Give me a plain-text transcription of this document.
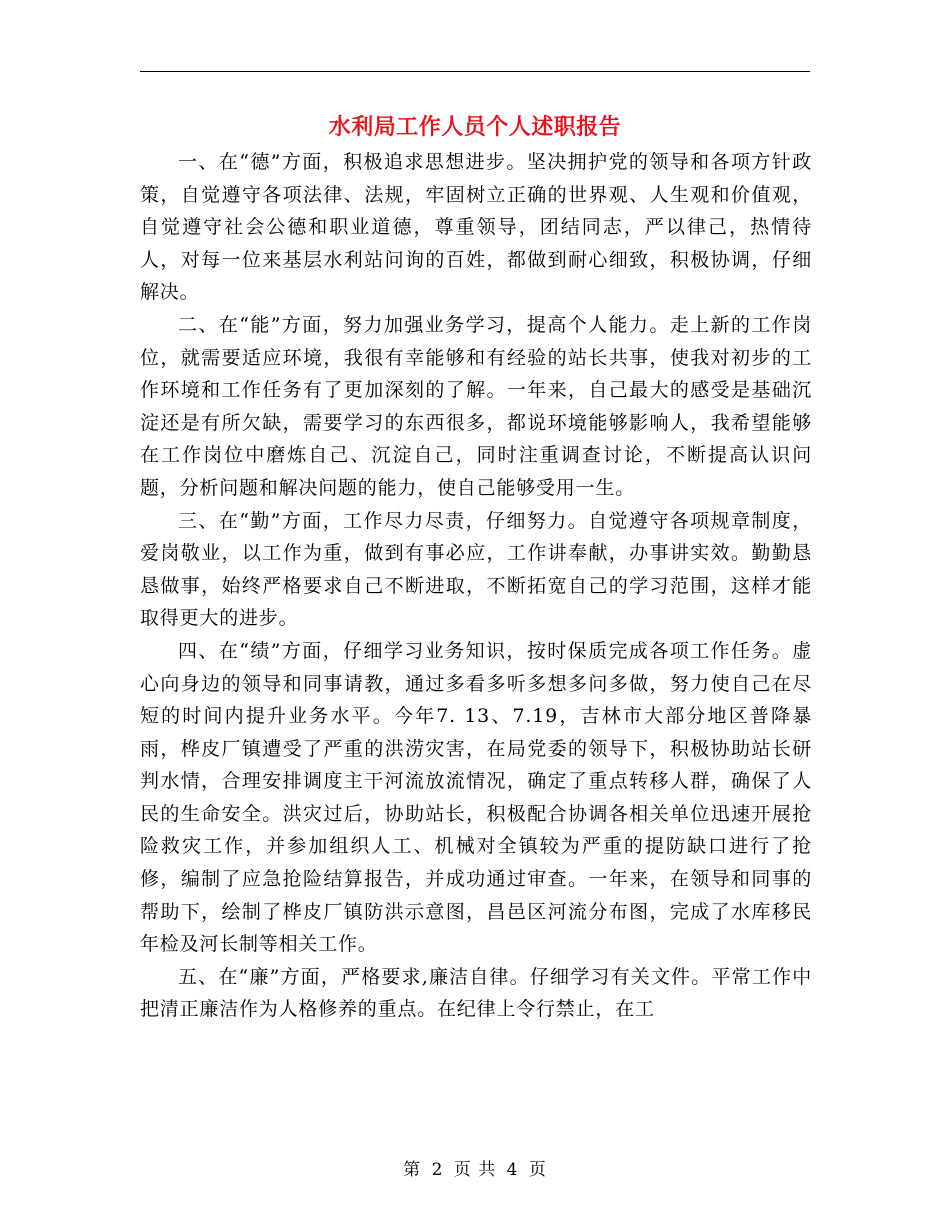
水利局工作人员个人述职报告

一、在“德”方面，积极追求思想进步。坚决拥护党的领导和各项方针政策，自觉遵守各项法律、法规，牢固树立正确的世界观、人生观和价值观，自觉遵守社会公德和职业道德，尊重领导，团结同志，严以律己，热情待人，对每一位来基层水利站问询的百姓，都做到耐心细致，积极协调，仔细解决。

二、在“能”方面，努力加强业务学习，提高个人能力。走上新的工作岗位，就需要适应环境，我很有幸能够和有经验的站长共事，使我对初步的工作环境和工作任务有了更加深刻的了解。一年来，自己最大的感受是基础沉淀还是有所欠缺，需要学习的东西很多，都说环境能够影响人，我希望能够在工作岗位中磨炼自己、沉淀自己，同时注重调查讨论，不断提高认识问题，分析问题和解决问题的能力，使自己能够受用一生。

三、在“勤”方面，工作尽力尽责，仔细努力。自觉遵守各项规章制度，爱岗敬业，以工作为重，做到有事必应，工作讲奉献，办事讲实效。勤勤恳恳做事，始终严格要求自己不断进取，不断拓宽自己的学习范围，这样才能取得更大的进步。

四、在“绩”方面，仔细学习业务知识，按时保质完成各项工作任务。虚心向身边的领导和同事请教，通过多看多听多想多问多做，努力使自己在尽短的时间内提升业务水平。今年7. 13、7.19，吉林市大部分地区普降暴雨，桦皮厂镇遭受了严重的洪涝灾害，在局党委的领导下，积极协助站长研判水情，合理安排调度主干河流放流情况，确定了重点转移人群，确保了人民的生命安全。洪灾过后，协助站长，积极配合协调各相关单位迅速开展抢险救灾工作，并参加组织人工、机械对全镇较为严重的提防缺口进行了抢修，编制了应急抢险结算报告，并成功通过审查。一年来，在领导和同事的帮助下，绘制了桦皮厂镇防洪示意图，昌邑区河流分布图，完成了水库移民年检及河长制等相关工作。

五、在“廉”方面，严格要求,廉洁自律。仔细学习有关文件。平常工作中把清正廉洁作为人格修养的重点。在纪律上令行禁止，在工

第 2 页 共 4 页
